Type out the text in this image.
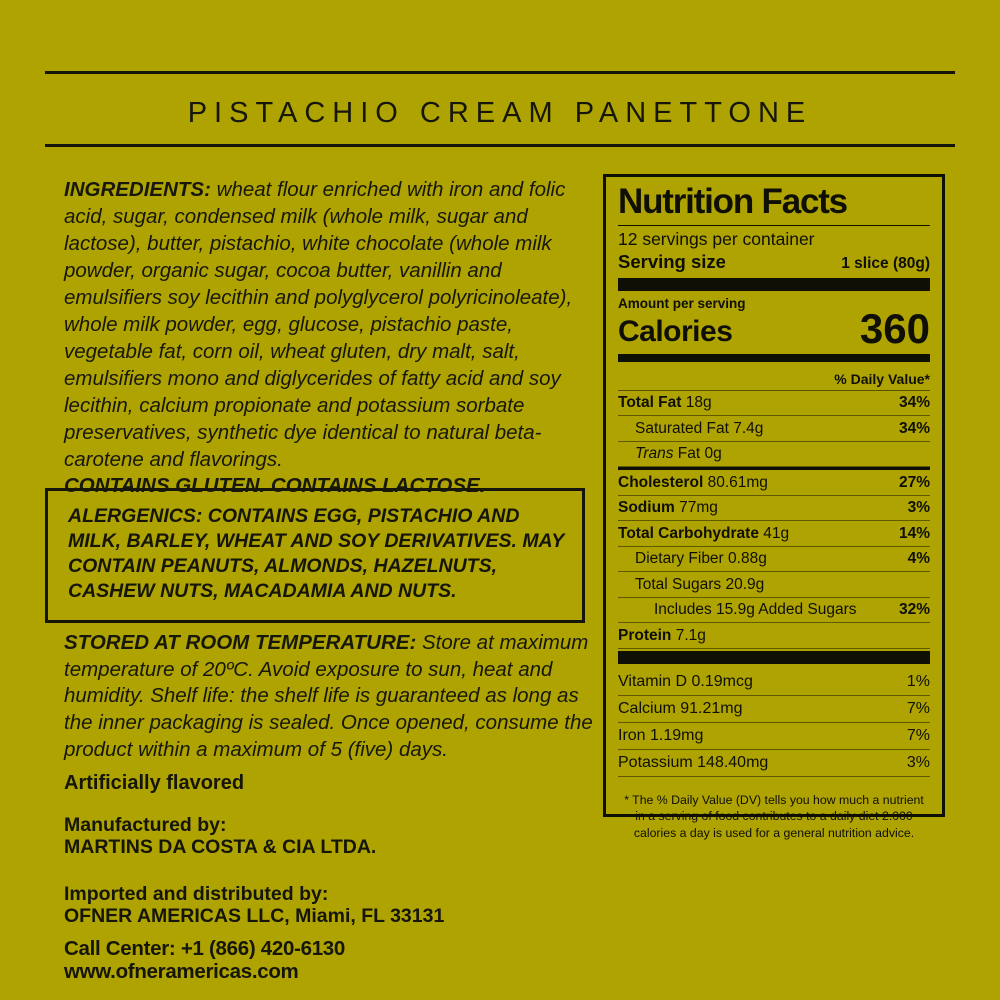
PISTACHIO CREAM PANETTONE

INGREDIENTS: wheat flour enriched with iron and folic acid, sugar, condensed milk (whole milk, sugar and lactose), butter, pistachio, white chocolate (whole milk powder, organic sugar, cocoa butter, vanillin and emulsifiers soy lecithin and polyglycerol polyricinoleate), whole milk powder, egg, glucose, pistachio paste, vegetable fat, corn oil, wheat gluten, dry malt, salt, emulsifiers mono and diglycerides of fatty acid and soy lecithin, calcium propionate and potassium sorbate preservatives, synthetic dye identical to natural beta-carotene and flavorings.
CONTAINS GLUTEN. CONTAINS LACTOSE.

ALERGENICS: CONTAINS EGG, PISTACHIO AND MILK, BARLEY, WHEAT AND SOY DERIVATIVES. MAY CONTAIN PEANUTS, ALMONDS, HAZELNUTS, CASHEW NUTS, MACADAMIA AND NUTS.

STORED AT ROOM TEMPERATURE: Store at maximum temperature of 20ºC. Avoid exposure to sun, heat and humidity. Shelf life: the shelf life is guaranteed as long as the inner packaging is sealed. Once opened, consume the product within a maximum of 5 (five) days.

Artificially flavored
Manufactured by:
MARTINS DA COSTA & CIA LTDA.
Imported and distributed by:
OFNER AMERICAS LLC, Miami, FL 33131
Call Center: +1 (866) 420-6130
www.ofneramericas.com
Nutrition Facts
12 servings per container
Serving size	1 slice (80g)
Amount per serving
Calories	360
% Daily Value*
Total Fat 18g	34%
Saturated Fat 7.4g	34%
Trans Fat 0g
Cholesterol 80.61mg	27%
Sodium 77mg	3%
Total Carbohydrate 41g	14%
Dietary Fiber 0.88g	4%
Total Sugars 20.9g
Includes 15.9g Added Sugars	32%
Protein 7.1g
Vitamin D 0.19mcg	1%
Calcium 91.21mg	7%
Iron 1.19mg	7%
Potassium 148.40mg	3%
* The % Daily Value (DV) tells you how much a nutrient in a serving of food contributes to a daily diet 2.000 calories a day is used for a general nutrition advice.
